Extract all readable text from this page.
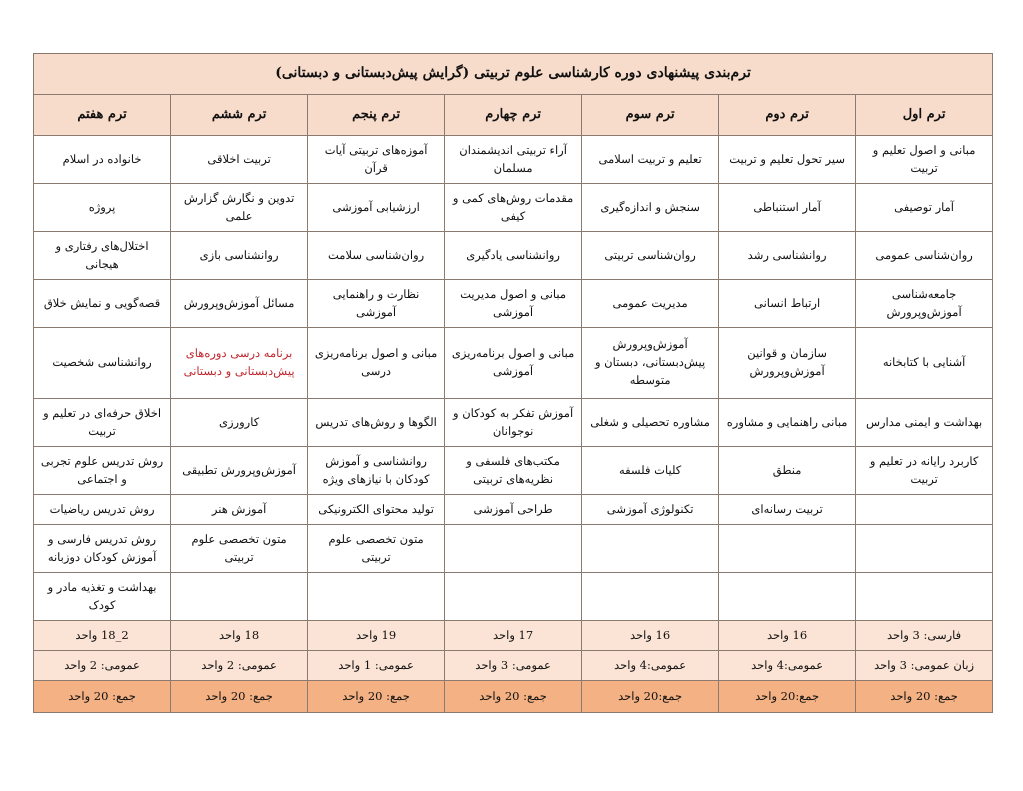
ترم‌بندی پیشنهادی دوره کارشناسی علوم تربیتی (گرایش پیش‌دبستانی و دبستانی)						
ترم اول	ترم دوم	ترم سوم	ترم چهارم	ترم پنجم	ترم ششم	ترم هفتم
مبانی و اصول تعلیم و تربیت	سیر تحول تعلیم و تربیت	تعلیم و تربیت اسلامی	آراء تربیتی اندیشمندان مسلمان	آموزه‌های تربیتی آیات قرآن	تربیت اخلاقی	خانواده در اسلام
آمار توصیفی	آمار استنباطی	سنجش و اندازه‌گیری	مقدمات روش‌های کمی و کیفی	ارزشیابی آموزشی	تدوین و نگارش گزارش علمی	پروژه
روان‌شناسی عمومی	روانشناسی رشد	روان‌شناسی تربیتی	روانشناسی یادگیری	روان‌شناسی سلامت	روانشناسی بازی	اختلال‌های رفتاری و هیجانی
جامعه‌شناسی آموزش‌وپرورش	ارتباط انسانی	مدیریت عمومی	مبانی و اصول مدیریت آموزشی	نظارت و راهنمایی آموزشی	مسائل آموزش‌وپرورش	قصه‌گویی و نمایش خلاق
آشنایی با کتابخانه	سازمان و قوانین آموزش‌وپرورش	آموزش‌وپرورش پیش‌دبستانی، دبستان و متوسطه	مبانی و اصول برنامه‌ریزی آموزشی	مبانی و اصول برنامه‌ریزی درسی	برنامه درسی دوره‌های پیش‌دبستانی و دبستانی	روانشناسی شخصیت
بهداشت و ایمنی مدارس	مبانی راهنمایی و مشاوره	مشاوره تحصیلی و شغلی	آموزش تفکر به کودکان و نوجوانان	الگوها و روش‌های تدریس	کارورزی	اخلاق حرفه‌ای در تعلیم و تربیت
کاربرد رایانه در تعلیم و تربیت	منطق	کلیات فلسفه	مکتب‌های فلسفی و نظریه‌های تربیتی	روانشناسی و آموزش کودکان با نیازهای ویژه	آموزش‌وپرورش تطبیقی	روش تدریس علوم تجربی و اجتماعی
	تربیت رسانه‌ای	تکنولوژی آموزشی	طراحی آموزشی	تولید محتوای الکترونیکی	آموزش هنر	روش تدریس ریاضیات
				متون تخصصی علوم تربیتی	متون تخصصی علوم تربیتی	روش تدریس فارسی و آموزش کودکان دوزبانه
						بهداشت و تغذیه مادر و کودک
فارسی: 3 واحد	16 واحد	16 واحد	17 واحد	19 واحد	18 واحد	2_18 واحد
زبان عمومی: 3 واحد	عمومی:4 واحد	عمومی:4 واحد	عمومی: 3 واحد	عمومی: 1 واحد	عمومی: 2 واحد	عمومی: 2 واحد
جمع: 20 واحد	جمع:20 واحد	جمع:20 واحد	جمع: 20 واحد	جمع: 20 واحد	جمع: 20 واحد	جمع: 20 واحد
